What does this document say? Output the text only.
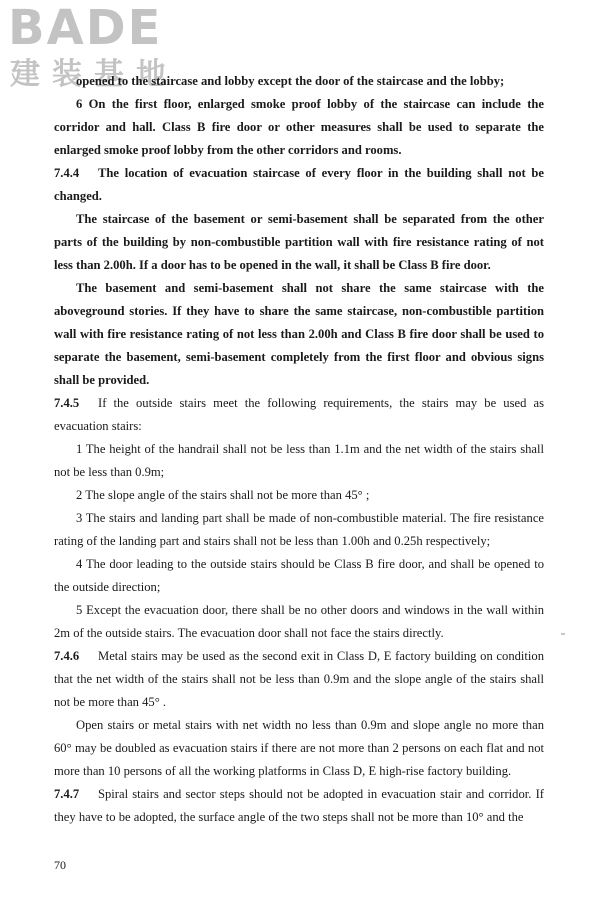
BADE
建装基地

opened to the staircase and lobby except the door of the staircase and the lobby;

6 On the first floor, enlarged smoke proof lobby of the staircase can include the corridor and hall. Class B fire door or other measures shall be used to separate the enlarged smoke proof lobby from the other corridors and rooms.

7.4.4 The location of evacuation staircase of every floor in the building shall not be changed.

The staircase of the basement or semi-basement shall be separated from the other parts of the building by non-combustible partition wall with fire resistance rating of not less than 2.00h. If a door has to be opened in the wall, it shall be Class B fire door.

The basement and semi-basement shall not share the same staircase with the aboveground stories. If they have to share the same staircase, non-combustible partition wall with fire resistance rating of not less than 2.00h and Class B fire door shall be used to separate the basement, semi-basement completely from the first floor and obvious signs shall be provided.

7.4.5 If the outside stairs meet the following requirements, the stairs may be used as evacuation stairs:

1 The height of the handrail shall not be less than 1.1m and the net width of the stairs shall not be less than 0.9m;

2 The slope angle of the stairs shall not be more than 45° ;

3 The stairs and landing part shall be made of non-combustible material. The fire resistance rating of the landing part and stairs shall not be less than 1.00h and 0.25h respectively;

4 The door leading to the outside stairs should be Class B fire door, and shall be opened to the outside direction;

5 Except the evacuation door, there shall be no other doors and windows in the wall within 2m of the outside stairs. The evacuation door shall not face the stairs directly.

7.4.6 Metal stairs may be used as the second exit in Class D, E factory building on condition that the net width of the stairs shall not be less than 0.9m and the slope angle of the stairs shall not be more than 45° .

Open stairs or metal stairs with net width no less than 0.9m and slope angle no more than 60° may be doubled as evacuation stairs if there are not more than 2 persons on each flat and not more than 10 persons of all the working platforms in Class D, E high-rise factory building.

7.4.7 Spiral stairs and sector steps should not be adopted in evacuation stair and corridor. If they have to be adopted, the surface angle of the two steps shall not be more than 10° and the

70
